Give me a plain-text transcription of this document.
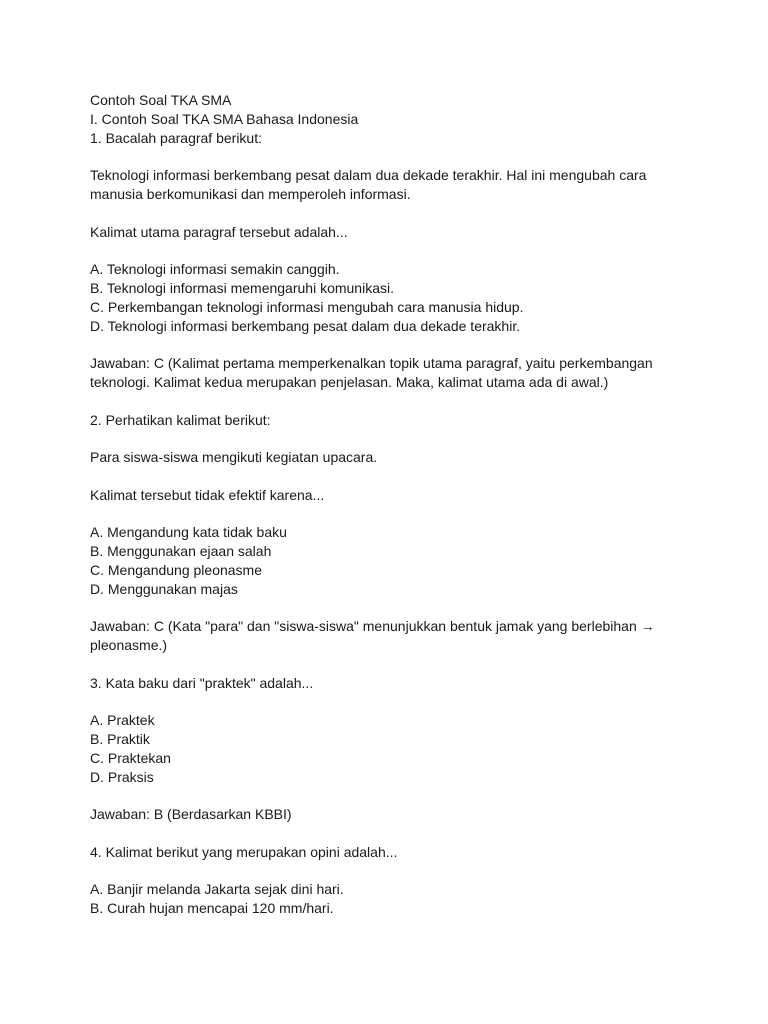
Contoh Soal TKA SMA
I. Contoh Soal TKA SMA Bahasa Indonesia
1. Bacalah paragraf berikut:
Teknologi informasi berkembang pesat dalam dua dekade terakhir. Hal ini mengubah cara
manusia berkomunikasi dan memperoleh informasi.
Kalimat utama paragraf tersebut adalah...
A. Teknologi informasi semakin canggih.
B. Teknologi informasi memengaruhi komunikasi.
C. Perkembangan teknologi informasi mengubah cara manusia hidup.
D. Teknologi informasi berkembang pesat dalam dua dekade terakhir.
Jawaban: C (Kalimat pertama memperkenalkan topik utama paragraf, yaitu perkembangan
teknologi. Kalimat kedua merupakan penjelasan. Maka, kalimat utama ada di awal.)
2. Perhatikan kalimat berikut:
Para siswa-siswa mengikuti kegiatan upacara.
Kalimat tersebut tidak efektif karena...
A. Mengandung kata tidak baku
B. Menggunakan ejaan salah
C. Mengandung pleonasme
D. Menggunakan majas
Jawaban: C (Kata "para" dan "siswa-siswa" menunjukkan bentuk jamak yang berlebihan →
pleonasme.)
3. Kata baku dari "praktek" adalah...
A. Praktek
B. Praktik
C. Praktekan
D. Praksis
Jawaban: B (Berdasarkan KBBI)
4. Kalimat berikut yang merupakan opini adalah...
A. Banjir melanda Jakarta sejak dini hari.
B. Curah hujan mencapai 120 mm/hari.
